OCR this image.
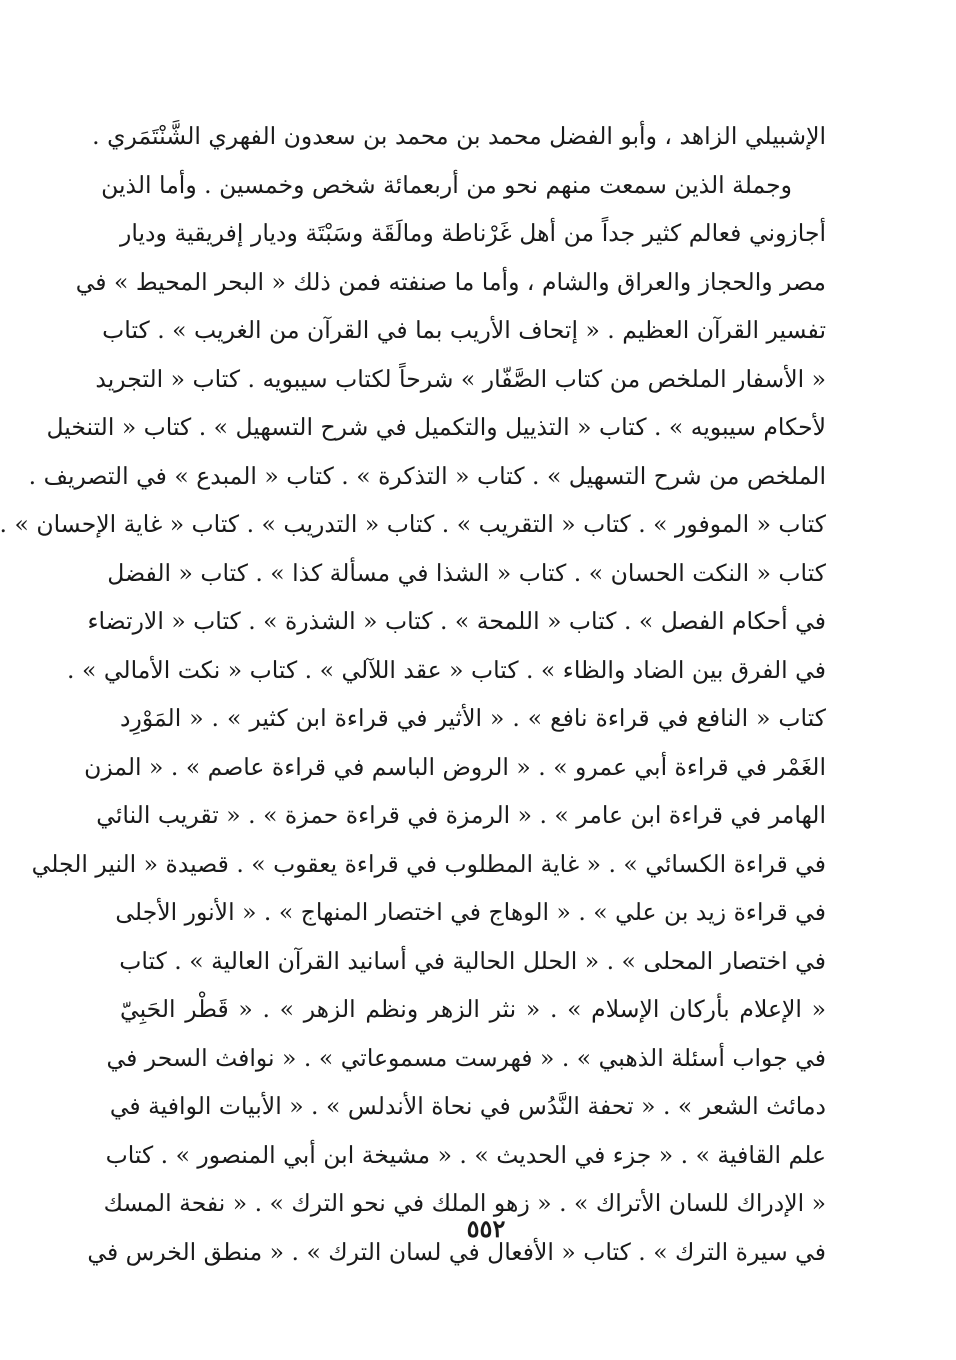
الإشبيلي الزاهد ، وأبو الفضل محمد بن محمد بن سعدون الفهري الشَّنْتَمَري .
وجملة الذين سمعت منهم نحو من أربعمائة شخص وخمسين . وأما الذين
أجازوني فعالم كثير جداً من أهل غَرْناطة ومالَقَة وسَبْتَة وديار إفريقية وديار
مصر والحجاز والعراق والشام ، وأما ما صنفته فمن ذلك « البحر المحيط » في
تفسير القرآن العظيم . « إتحاف الأريب بما في القرآن من الغريب » . كتاب
« الأسفار الملخص من كتاب الصَّفّار » شرحاً لكتاب سيبويه . كتاب « التجريد
لأحكام سيبويه » . كتاب « التذييل والتكميل في شرح التسهيل » . كتاب « التنخيل
الملخص من شرح التسهيل » . كتاب « التذكرة » . كتاب « المبدع » في التصريف .
كتاب « الموفور » . كتاب « التقريب » . كتاب « التدريب » . كتاب « غاية الإحسان » .
كتاب « النكت الحسان » . كتاب « الشذا في مسألة كذا » . كتاب « الفضل
في أحكام الفصل » . كتاب « اللمحة » . كتاب « الشذرة » . كتاب « الارتضاء
في الفرق بين الضاد والظاء » . كتاب « عقد اللآلي » . كتاب « نكت الأمالي » .
كتاب « النافع في قراءة نافع » . « الأثير في قراءة ابن كثير » . « المَوْرِد
الغَمْر في قراءة أبي عمرو » . « الروض الباسم في قراءة عاصم » . « المزن
الهامر في قراءة ابن عامر » . « الرمزة في قراءة حمزة » . « تقريب النائي
في قراءة الكسائي » . « غاية المطلوب في قراءة يعقوب » . قصيدة « النير الجلي
في قراءة زيد بن علي » . « الوهاج في اختصار المنهاج » . « الأنور الأجلى
في اختصار المحلى » . « الحلل الحالية في أسانيد القرآن العالية » . كتاب
« الإعلام بأركان الإسلام » . « نثر الزهر ونظم الزهر » . « قَطْر الحَبِيّ
في جواب أسئلة الذهبي » . « فهرست مسموعاتي » . « نوافث السحر في
دمائث الشعر » . « تحفة النَّدُس في نحاة الأندلس » . « الأبيات الوافية في
علم القافية » . « جزء في الحديث » . « مشيخة ابن أبي المنصور » . كتاب
« الإدراك للسان الأتراك » . « زهو الملك في نحو الترك » . « نفحة المسك
في سيرة الترك » . كتاب « الأفعال في لسان الترك » . « منطق الخرس في
٥٥٢
